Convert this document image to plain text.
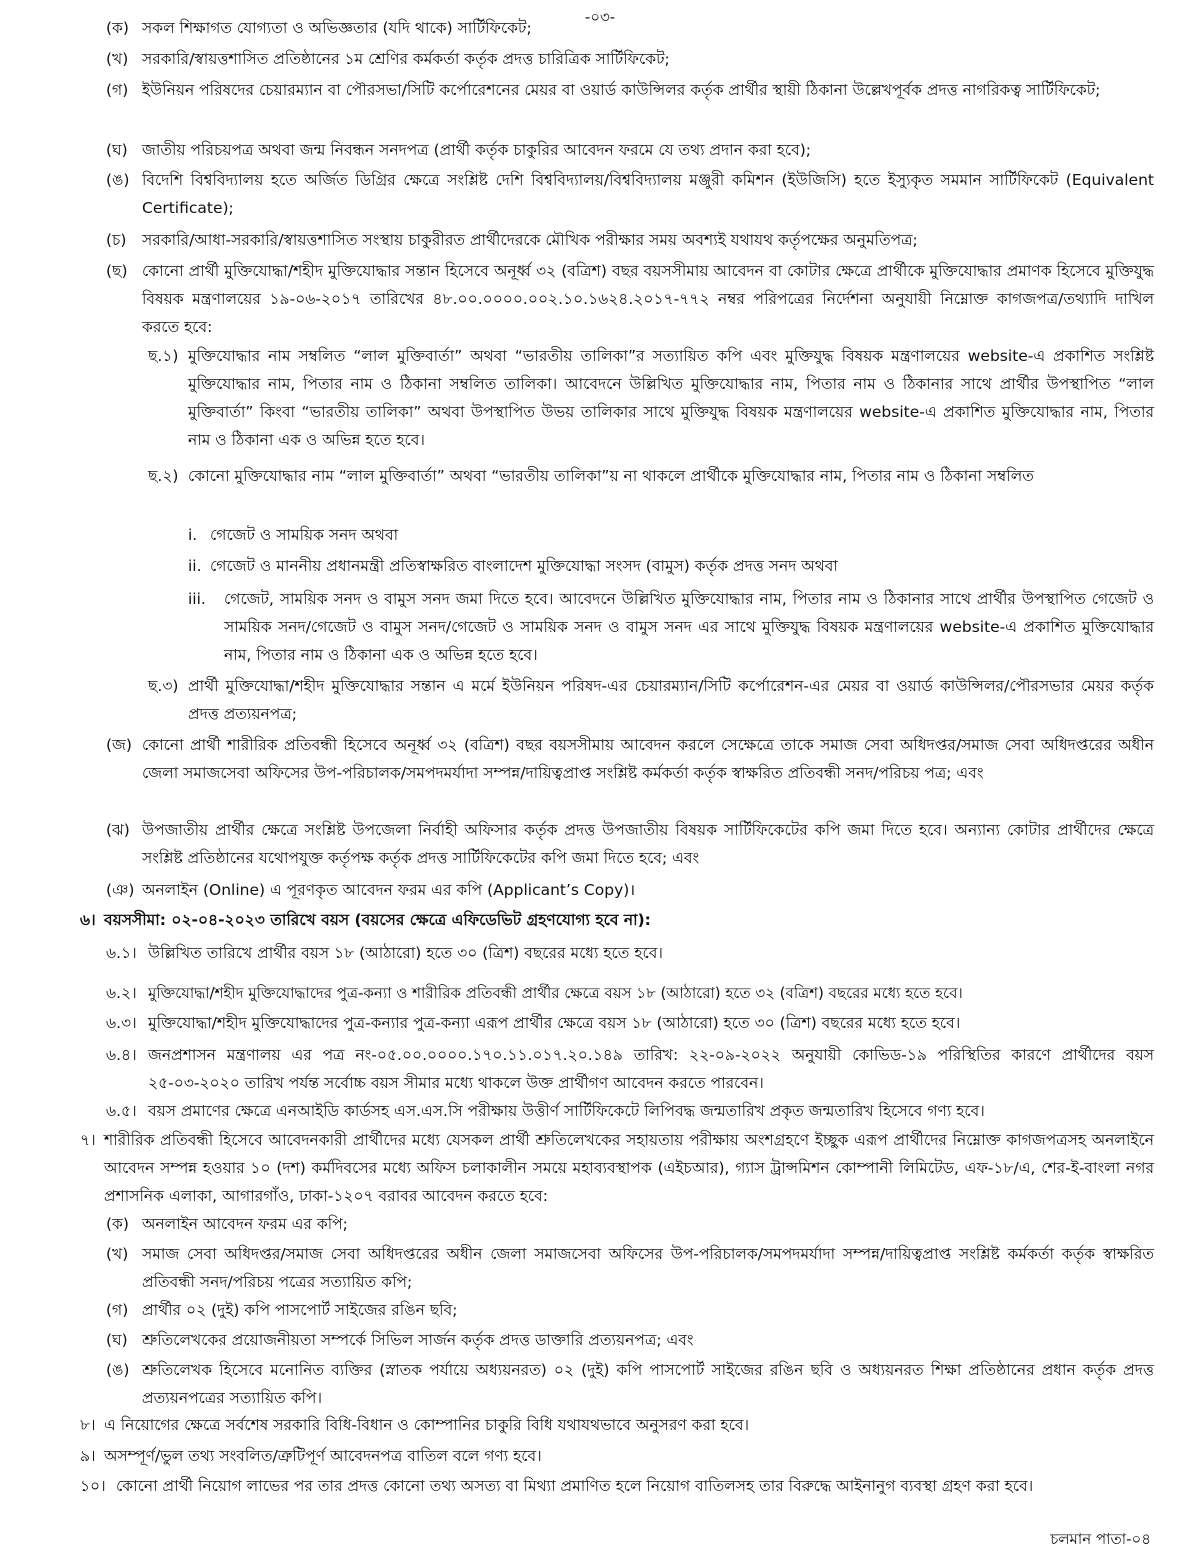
-০৩-
(ক) সকল শিক্ষাগত যোগ্যতা ও অভিজ্ঞতার (যদি থাকে) সার্টিফিকেট;
(খ) সরকারি/স্বায়ত্তশাসিত প্রতিষ্ঠানের ১ম শ্রেণির কর্মকর্তা কর্তৃক প্রদত্ত চারিত্রিক সার্টিফিকেট;
(গ) ইউনিয়ন পরিষদের চেয়ারম্যান বা পৌরসভা/সিটি কর্পোরেশনের মেয়র বা ওয়ার্ড কাউন্সিলর কর্তৃক প্রার্থীর স্থায়ী ঠিকানা উল্লেখপূর্বক প্রদত্ত নাগরিকত্ব সার্টিফিকেট;
(ঘ) জাতীয় পরিচয়পত্র অথবা জন্ম নিবন্ধন সনদপত্র (প্রার্থী কর্তৃক চাকুরির আবেদন ফরমে যে তথ্য প্রদান করা হবে);
(ঙ) বিদেশি বিশ্ববিদ্যালয় হতে অর্জিত ডিগ্রির ক্ষেত্রে সংশ্লিষ্ট দেশি বিশ্ববিদ্যালয়/বিশ্ববিদ্যালয় মঞ্জুরী কমিশন (ইউজিসি) হতে ইস্যুকৃত সমমান সার্টিফিকেট (Equivalent Certificate);
(চ) সরকারি/আধা-সরকারি/স্বায়ত্তশাসিত সংস্থায় চাকুরীরত প্রার্থীদেরকে মৌখিক পরীক্ষার সময় অবশ্যই যথাযথ কর্তৃপক্ষের অনুমতিপত্র;
(ছ) কোনো প্রার্থী মুক্তিযোদ্ধা/শহীদ মুক্তিযোদ্ধার সন্তান হিসেবে অনূর্ধ্ব ৩২ (বত্রিশ) বছর বয়সসীমায় আবেদন বা কোটার ক্ষেত্রে প্রার্থীকে মুক্তিযোদ্ধার প্রমাণক হিসেবে মুক্তিযুদ্ধ বিষয়ক মন্ত্রণালয়ের ১৯-০৬-২০১৭ তারিখের ৪৮.০০.০০০০.০০২.১০.১৬২৪.২০১৭-৭৭২ নম্বর পরিপত্রের নির্দেশনা অনুযায়ী নিম্নোক্ত কাগজপত্র/তথ্যাদি দাখিল করতে হবে:
ছ.১) মুক্তিযোদ্ধার নাম সম্বলিত “লাল মুক্তিবার্তা” অথবা “ভারতীয় তালিকা”র সত্যায়িত কপি এবং মুক্তিযুদ্ধ বিষয়ক মন্ত্রণালয়ের website-এ প্রকাশিত সংশ্লিষ্ট মুক্তিযোদ্ধার নাম, পিতার নাম ও ঠিকানা সম্বলিত তালিকা। আবেদনে উল্লিখিত মুক্তিযোদ্ধার নাম, পিতার নাম ও ঠিকানার সাথে প্রার্থীর উপস্থাপিত “লাল মুক্তিবার্তা” কিংবা “ভারতীয় তালিকা” অথবা উপস্থাপিত উভয় তালিকার সাথে মুক্তিযুদ্ধ বিষয়ক মন্ত্রণালয়ের website-এ প্রকাশিত মুক্তিযোদ্ধার নাম, পিতার নাম ও ঠিকানা এক ও অভিন্ন হতে হবে।
ছ.২) কোনো মুক্তিযোদ্ধার নাম “লাল মুক্তিবার্তা” অথবা “ভারতীয় তালিকা”য় না থাকলে প্রার্থীকে মুক্তিযোদ্ধার নাম, পিতার নাম ও ঠিকানা সম্বলিত
i. গেজেট ও সাময়িক সনদ অথবা
ii. গেজেট ও মাননীয় প্রধানমন্ত্রী প্রতিস্বাক্ষরিত বাংলাদেশ মুক্তিযোদ্ধা সংসদ (বামুস) কর্তৃক প্রদত্ত সনদ অথবা
iii. গেজেট, সাময়িক সনদ ও বামুস সনদ জমা দিতে হবে। আবেদনে উল্লিখিত মুক্তিযোদ্ধার নাম, পিতার নাম ও ঠিকানার সাথে প্রার্থীর উপস্থাপিত গেজেট ও সাময়িক সনদ/গেজেট ও বামুস সনদ/গেজেট ও সাময়িক সনদ ও বামুস সনদ এর সাথে মুক্তিযুদ্ধ বিষয়ক মন্ত্রণালয়ের website-এ প্রকাশিত মুক্তিযোদ্ধার নাম, পিতার নাম ও ঠিকানা এক ও অভিন্ন হতে হবে।
ছ.৩) প্রার্থী মুক্তিযোদ্ধা/শহীদ মুক্তিযোদ্ধার সন্তান এ মর্মে ইউনিয়ন পরিষদ-এর চেয়ারম্যান/সিটি কর্পোরেশন-এর মেয়র বা ওয়ার্ড কাউন্সিলর/পৌরসভার মেয়র কর্তৃক প্রদত্ত প্রত্যয়নপত্র;
(জ) কোনো প্রার্থী শারীরিক প্রতিবন্ধী হিসেবে অনূর্ধ্ব ৩২ (বত্রিশ) বছর বয়সসীমায় আবেদন করলে সেক্ষেত্রে তাকে সমাজ সেবা অধিদপ্তর/সমাজ সেবা অধিদপ্তরের অধীন জেলা সমাজসেবা অফিসের উপ-পরিচালক/সমপদমর্যাদা সম্পন্ন/দায়িত্বপ্রাপ্ত সংশ্লিষ্ট কর্মকর্তা কর্তৃক স্বাক্ষরিত প্রতিবন্ধী সনদ/পরিচয় পত্র; এবং
(ঝ) উপজাতীয় প্রার্থীর ক্ষেত্রে সংশ্লিষ্ট উপজেলা নির্বাহী অফিসার কর্তৃক প্রদত্ত উপজাতীয় বিষয়ক সার্টিফিকেটের কপি জমা দিতে হবে। অন্যান্য কোটার প্রার্থীদের ক্ষেত্রে সংশ্লিষ্ট প্রতিষ্ঠানের যথোপযুক্ত কর্তৃপক্ষ কর্তৃক প্রদত্ত সার্টিফিকেটের কপি জমা দিতে হবে; এবং
(ঞ) অনলাইন (Online) এ পূরণকৃত আবেদন ফরম এর কপি (Applicant’s Copy)।
৬। বয়সসীমা: ০২-০৪-২০২৩ তারিখে বয়স (বয়সের ক্ষেত্রে এফিডেভিট গ্রহণযোগ্য হবে না):
৬.১। উল্লিখিত তারিখে প্রার্থীর বয়স ১৮ (আঠারো) হতে ৩০ (ত্রিশ) বছরের মধ্যে হতে হবে।
৬.২। মুক্তিযোদ্ধা/শহীদ মুক্তিযোদ্ধাদের পুত্র-কন্যা ও শারীরিক প্রতিবন্ধী প্রার্থীর ক্ষেত্রে বয়স ১৮ (আঠারো) হতে ৩২ (বত্রিশ) বছরের মধ্যে হতে হবে।
৬.৩। মুক্তিযোদ্ধা/শহীদ মুক্তিযোদ্ধাদের পুত্র-কন্যার পুত্র-কন্যা এরূপ প্রার্থীর ক্ষেত্রে বয়স ১৮ (আঠারো) হতে ৩০ (ত্রিশ) বছরের মধ্যে হতে হবে।
৬.৪। জনপ্রশাসন মন্ত্রণালয় এর পত্র নং-০৫.০০.০০০০.১৭০.১১.০১৭.২০.১৪৯ তারিখ: ২২-০৯-২০২২ অনুযায়ী কোভিড-১৯ পরিস্থিতির কারণে প্রার্থীদের বয়স ২৫-০৩-২০২০ তারিখ পর্যন্ত সর্বোচ্চ বয়স সীমার মধ্যে থাকলে উক্ত প্রার্থীগণ আবেদন করতে পারবেন।
৬.৫। বয়স প্রমাণের ক্ষেত্রে এনআইডি কার্ডসহ এস.এস.সি পরীক্ষায় উত্তীর্ণ সার্টিফিকেটে লিপিবদ্ধ জন্মতারিখ প্রকৃত জন্মতারিখ হিসেবে গণ্য হবে।
৭। শারীরিক প্রতিবন্ধী হিসেবে আবেদনকারী প্রার্থীদের মধ্যে যেসকল প্রার্থী শ্রুতিলেখকের সহায়তায় পরীক্ষায় অংশগ্রহণে ইচ্ছুক এরূপ প্রার্থীদের নিম্নোক্ত কাগজপত্রসহ অনলাইনে আবেদন সম্পন্ন হওয়ার ১০ (দশ) কর্মদিবসের মধ্যে অফিস চলাকালীন সময়ে মহাব্যবস্থাপক (এইচআর), গ্যাস ট্রান্সমিশন কোম্পানী লিমিটেড, এফ-১৮/এ, শের-ই-বাংলা নগর প্রশাসনিক এলাকা, আগারগাঁও, ঢাকা-১২০৭ বরাবর আবেদন করতে হবে:
(ক) অনলাইন আবেদন ফরম এর কপি;
(খ) সমাজ সেবা অধিদপ্তর/সমাজ সেবা অধিদপ্তরের অধীন জেলা সমাজসেবা অফিসের উপ-পরিচালক/সমপদমর্যাদা সম্পন্ন/দায়িত্বপ্রাপ্ত সংশ্লিষ্ট কর্মকর্তা কর্তৃক স্বাক্ষরিত প্রতিবন্ধী সনদ/পরিচয় পত্রের সত্যায়িত কপি;
(গ) প্রার্থীর ০২ (দুই) কপি পাসপোর্ট সাইজের রঙিন ছবি;
(ঘ) শ্রুতিলেখকের প্রয়োজনীয়তা সম্পর্কে সিভিল সার্জন কর্তৃক প্রদত্ত ডাক্তারি প্রত্যয়নপত্র; এবং
(ঙ) শ্রুতিলেখক হিসেবে মনোনিত ব্যক্তির (স্নাতক পর্যায়ে অধ্যয়নরত) ০২ (দুই) কপি পাসপোর্ট সাইজের রঙিন ছবি ও অধ্যয়নরত শিক্ষা প্রতিষ্ঠানের প্রধান কর্তৃক প্রদত্ত প্রত্যয়নপত্রের সত্যায়িত কপি।
৮। এ নিয়োগের ক্ষেত্রে সর্বশেষ সরকারি বিধি-বিধান ও কোম্পানির চাকুরি বিধি যথাযথভাবে অনুসরণ করা হবে।
৯। অসম্পূর্ণ/ভুল তথ্য সংবলিত/ত্রুটিপূর্ণ আবেদনপত্র বাতিল বলে গণ্য হবে।
১০। কোনো প্রার্থী নিয়োগ লাভের পর তার প্রদত্ত কোনো তথ্য অসত্য বা মিথ্যা প্রমাণিত হলে নিয়োগ বাতিলসহ তার বিরুদ্ধে আইনানুগ ব্যবস্থা গ্রহণ করা হবে।
চলমান পাতা-০৪
